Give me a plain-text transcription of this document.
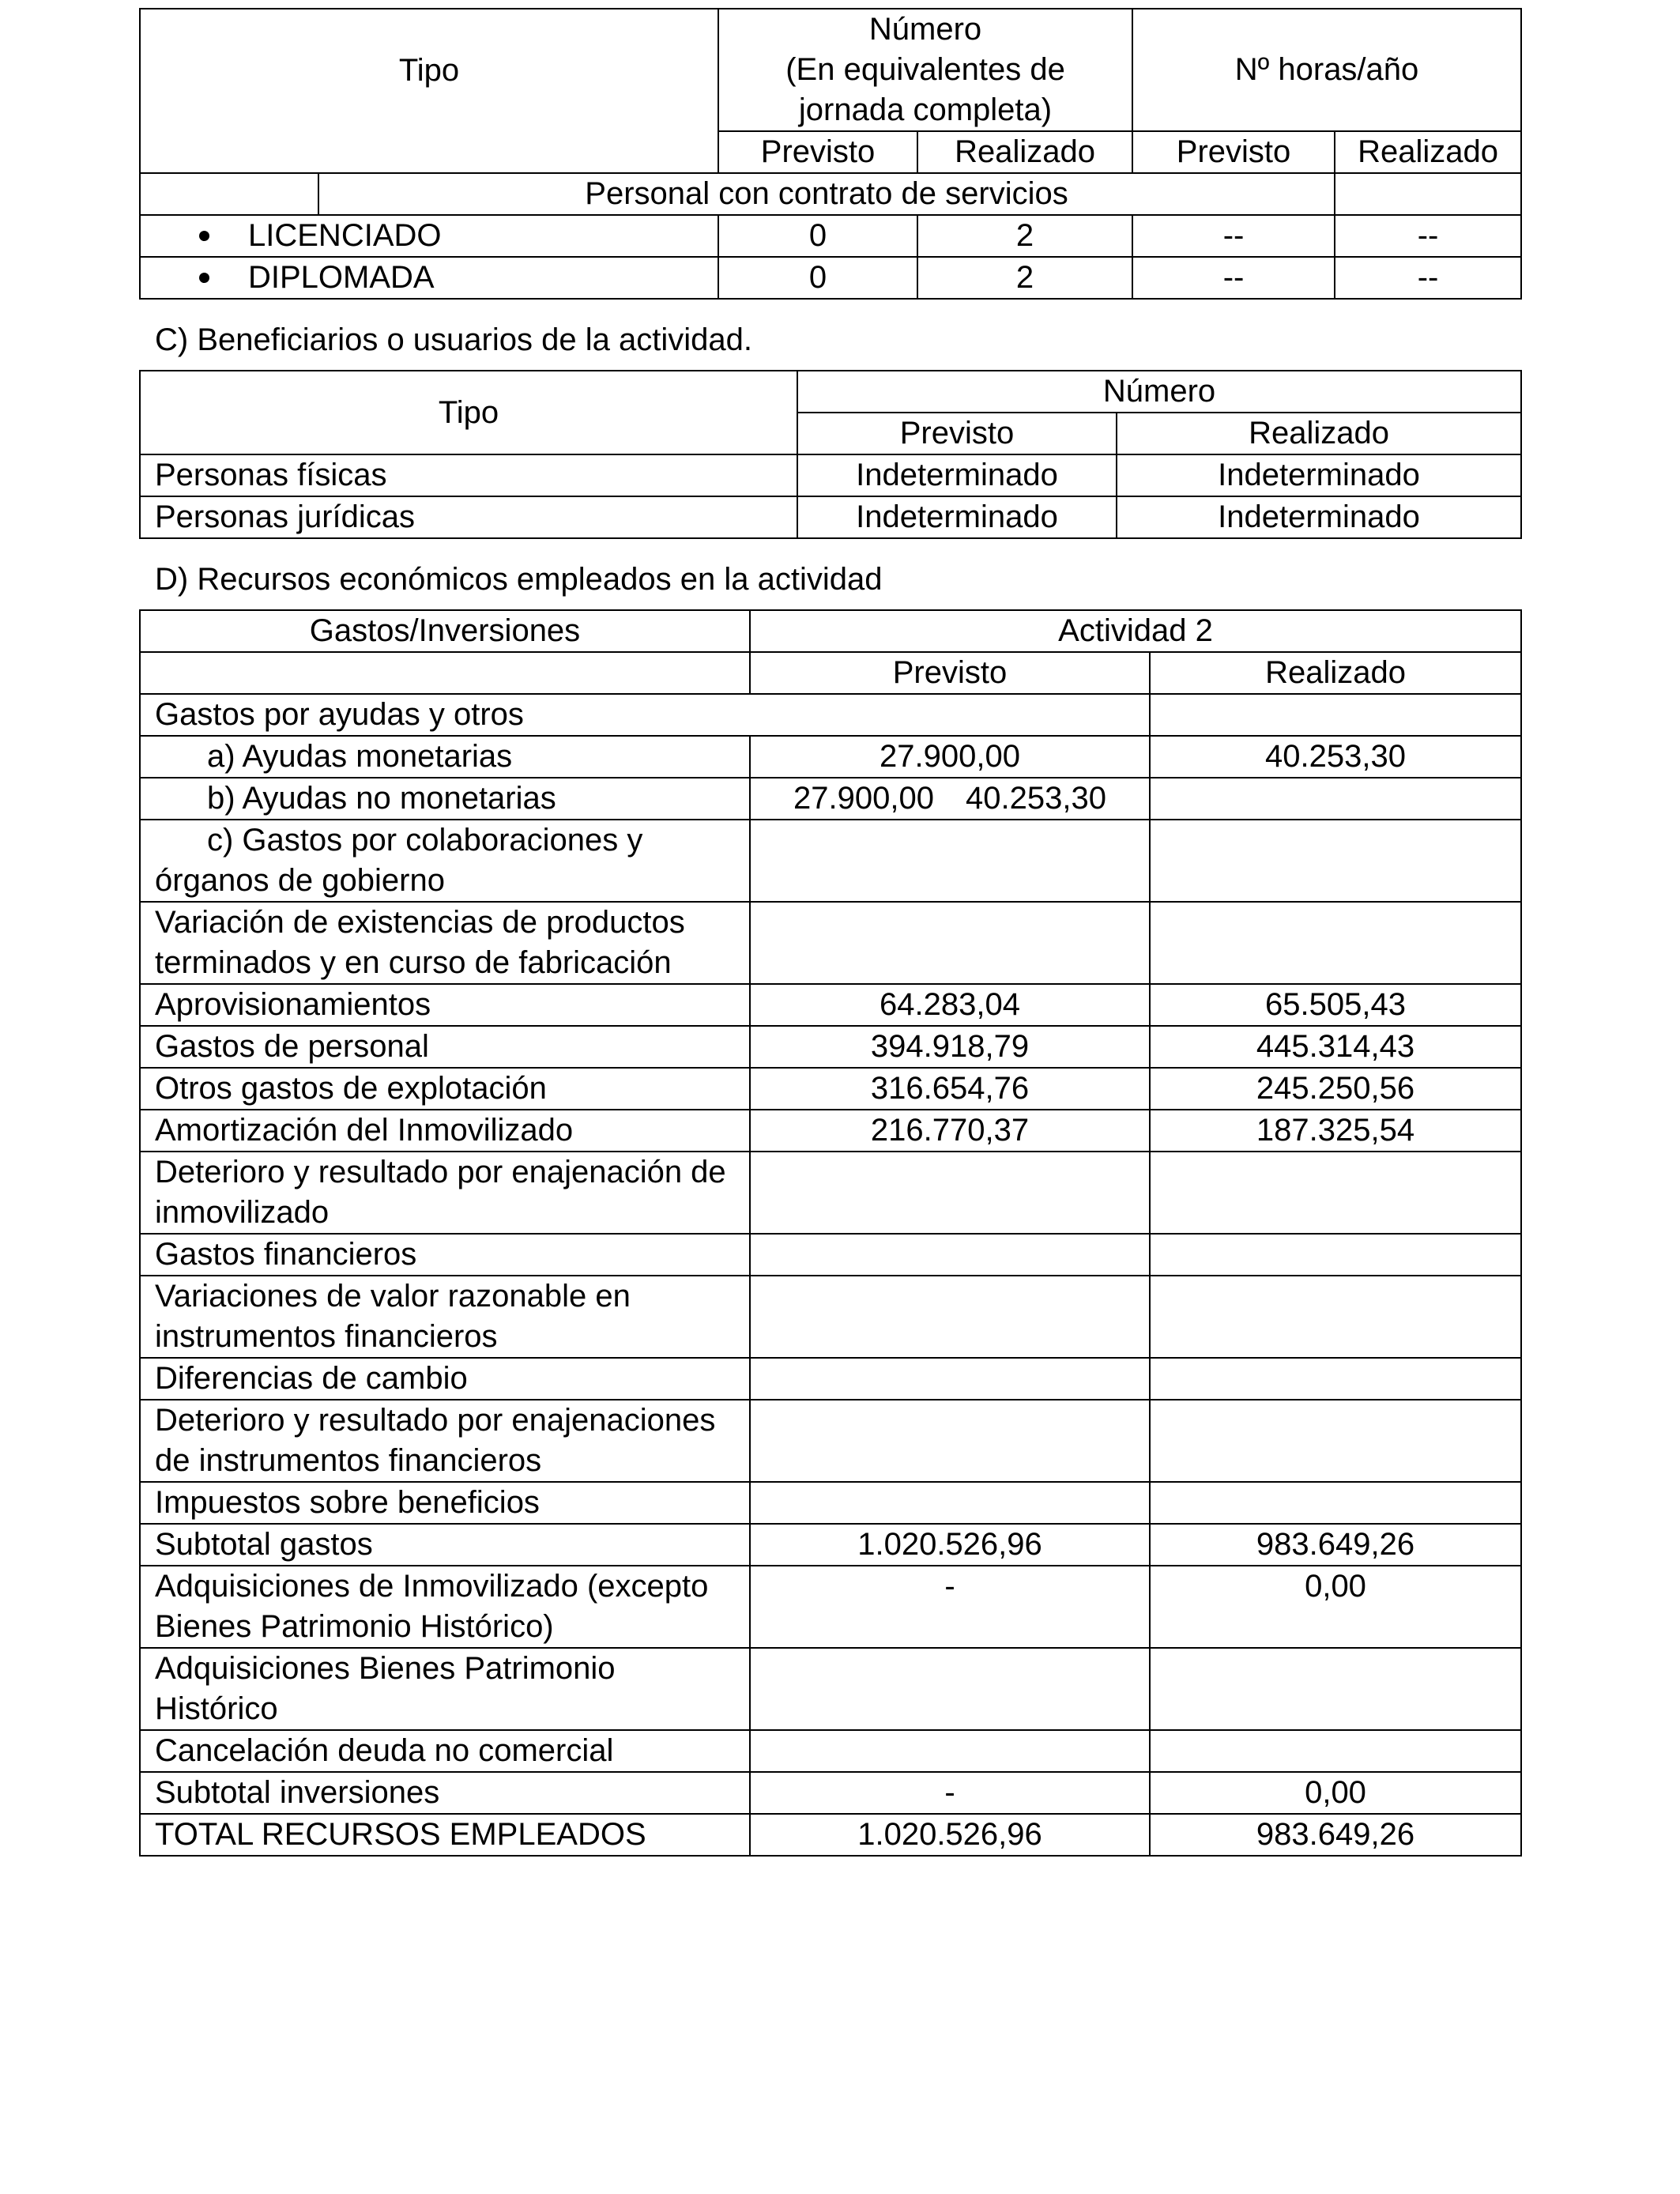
Tipo		Número
(En equivalentes de
jornada completa)		Nº horas/año	
		Previsto	Realizado	Previsto	Realizado
	Personal con contrato de servicios				

LICENCIADO		0	2	--	--

DIPLOMADA		0	2	--	--

C) Beneficiarios o usuarios de la actividad.

Tipo	Número	
	Previsto	Realizado
Personas físicas	Indeterminado	Indeterminado
Personas jurídicas	Indeterminado	Indeterminado

D) Recursos económicos empleados en la actividad

Gastos/Inversiones	Actividad 2	
	Previsto	Realizado
Gastos por ayudas y otros		
a) Ayudas monetarias	27.900,00	40.253,30
b) Ayudas no monetarias	27.900,00 40.253,30	
c) Gastos por colaboraciones y órganos de gobierno		
Variación de existencias de productos terminados y en curso de fabricación		
Aprovisionamientos	64.283,04	65.505,43
Gastos de personal	394.918,79	445.314,43
Otros gastos de explotación	316.654,76	245.250,56
Amortización del Inmovilizado	216.770,37	187.325,54
Deterioro y resultado por enajenación de inmovilizado		
Gastos financieros		
Variaciones de valor razonable en instrumentos financieros		
Diferencias de cambio		
Deterioro y resultado por enajenaciones de instrumentos financieros		
Impuestos sobre beneficios		
Subtotal gastos	1.020.526,96	983.649,26
Adquisiciones de Inmovilizado (excepto Bienes Patrimonio Histórico)	-	0,00
Adquisiciones Bienes Patrimonio Histórico		
Cancelación deuda no comercial		
Subtotal inversiones	-	0,00
TOTAL RECURSOS EMPLEADOS	1.020.526,96	983.649,26
